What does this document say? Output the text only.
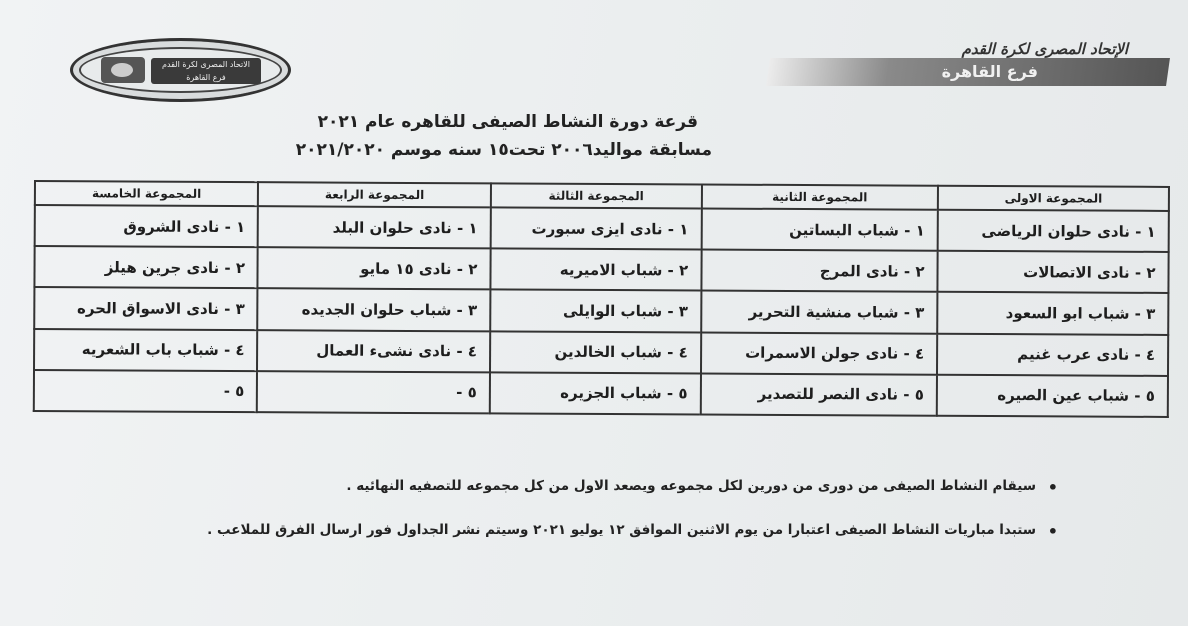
الاتحاد المصرى لكرة القدم
فرع القاهرة
الإتحاد المصرى لكرة القدم
فرع القاهرة
قرعة دورة النشاط الصيفى للقاهره عام ٢٠٢١
مسابقة مواليد٢٠٠٦ تحت١٥ سنه موسم ٢٠٢١/٢٠٢٠
المجموعة الاولى	المجموعة الثانية	المجموعة الثالثة	المجموعة الرابعة	المجموعة الخامسة
١ - نادى حلوان الرياضى	١ - شباب البساتين	١ - نادى ايزى سبورت	١ - نادى حلوان البلد	١ - نادى الشروق
٢ - نادى الاتصالات	٢ - نادى المرج	٢ - شباب الاميريه	٢ - نادى ١٥ مايو	٢ - نادى جرين هيلز
٣ - شباب ابو السعود	٣ - شباب منشية التحرير	٣ - شباب الوايلى	٣ - شباب حلوان الجديده	٣ - نادى الاسواق الحره
٤ - نادى عرب غنيم	٤ - نادى جولن الاسمرات	٤ - شباب الخالدين	٤ - نادى نشىء العمال	٤ - شباب باب الشعريه
٥ - شباب عين الصيره	٥ - نادى النصر للتصدير	٥ - شباب الجزيره	٥ -	٥ -
•
سيقام النشاط الصيفى من دورى من دورين لكل مجموعه ويصعد الاول من كل مجموعه للتصفيه النهائيه .
•
ستبدا مباريات النشاط الصيفى اعتبارا من يوم الاثنين الموافق ١٢ يوليو ٢٠٢١ وسيتم نشر الجداول فور ارسال الفرق للملاعب .
